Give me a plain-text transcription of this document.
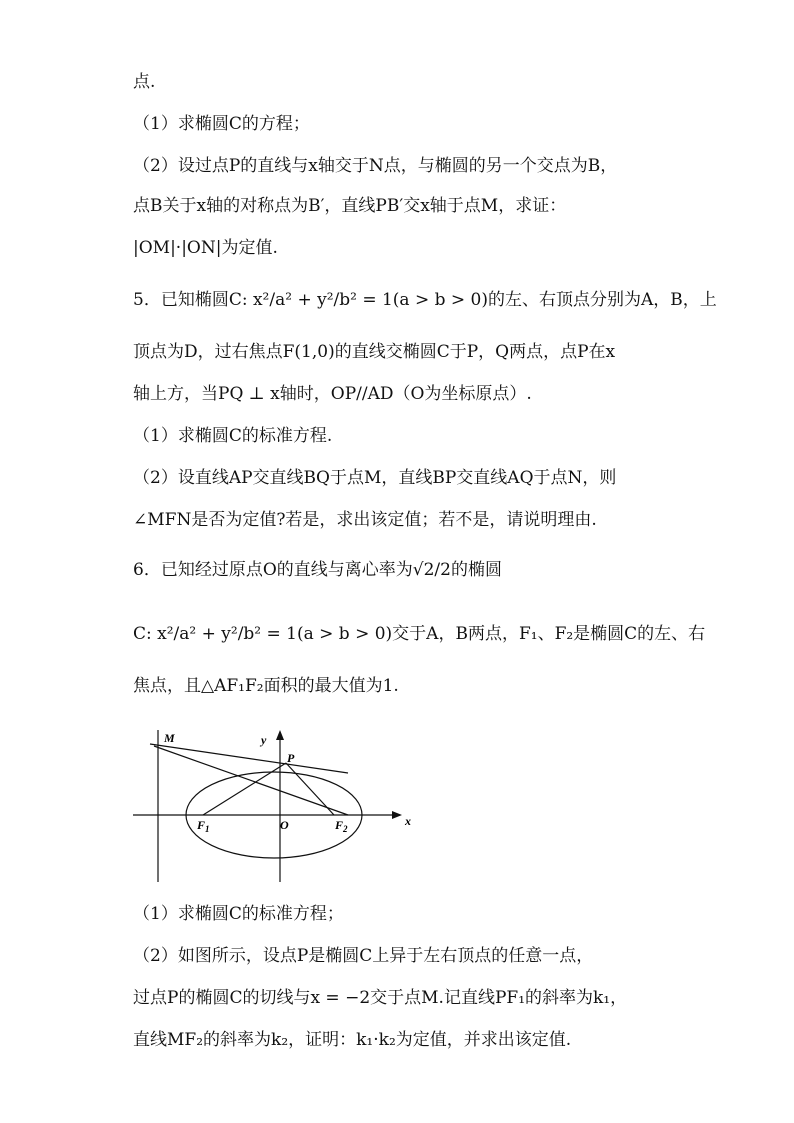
点.
（1）求椭圆C的方程；
（2）设过点P的直线与x轴交于N点，与椭圆的另一个交点为B，
点B关于x轴的对称点为B′，直线PB′交x轴于点M，求证：
|OM|·|ON|为定值.
5．已知椭圆C: x²/a² + y²/b² = 1(a > b > 0)的左、右顶点分别为A，B，上
顶点为D，过右焦点F(1,0)的直线交椭圆C于P，Q两点，点P在x
轴上方，当PQ ⊥ x轴时，OP//AD（O为坐标原点）.
（1）求椭圆C的标准方程.
（2）设直线AP交直线BQ于点M，直线BP交直线AQ于点N，则
∠MFN是否为定值?若是，求出该定值；若不是，请说明理由.
6．已知经过原点O的直线与离心率为√2/2的椭圆
C: x²/a² + y²/b² = 1(a > b > 0)交于A，B两点，F₁、F₂是椭圆C的左、右
焦点，且△AF₁F₂面积的最大值为1.
（1）求椭圆C的标准方程；
（2）如图所示，设点P是椭圆C上异于左右顶点的任意一点，
过点P的椭圆C的切线与x = −2交于点M.记直线PF₁的斜率为k₁，
直线MF₂的斜率为k₂，证明：k₁·k₂为定值，并求出该定值.
M	y
P
x
O
$F_1$	$F_2$
